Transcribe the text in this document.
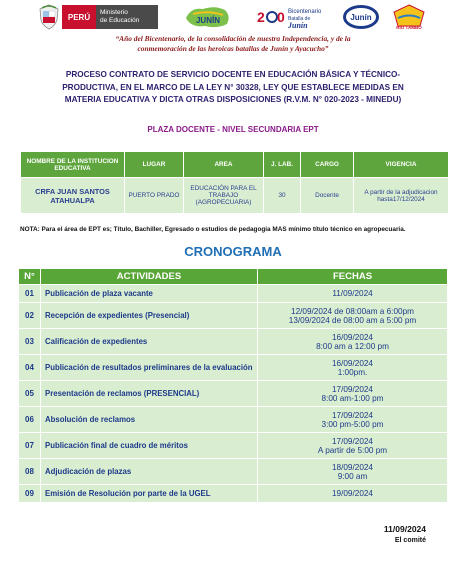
PERÚ	Ministerio
de Educación	JUNÍN	2 0 Bicentenario
Batalla de
Junín
Junín
RIO TAMBO
“Año del Bicentenario, de la consolidación de nuestra Independencia, y de la
conmemoración de las heroicas batallas de Junín y Ayacucho”
PROCESO CONTRATO DE SERVICIO DOCENTE EN EDUCACIÓN BÁSICA Y TÉCNICO-
PRODUCTIVA, EN EL MARCO DE LA LEY N° 30328, LEY QUE ESTABLECE MEDIDAS EN
MATERIA EDUCATIVA Y DICTA OTRAS DISPOSICIONES (R.V.M. N° 020-2023 - MINEDU)
PLAZA DOCENTE - NIVEL SECUNDARIA EPT
NOMBRE DE LA INSTITUCION EDUCATIVA	LUGAR	AREA	J. LAB.	CARGO	VIGENCIA
CRFA JUAN SANTOS ATAHUALPA	PUERTO PRADO	EDUCACIÓN PARA EL TRABAJO (AGROPECUARIA)	30	Docente	A partir de la adjudicacion hasta17/12/2024
NOTA: Para el área de EPT es; Título, Bachiller, Egresado o estudios de pedagogia MAS mínimo título técnico en agropecuaria.
CRONOGRAMA
N°	ACTIVIDADES	FECHAS
01	Publicación de plaza vacante	11/09/2024

02	Recepción de expedientes (Presencial)	12/09/2024 de 08:00am a 6:00pm
13/09/2024 de 08:00 am a 5:00 pm

03	Calificación de expedientes	16/09/2024
8:00 am a 12:00 pm

04	Publicación de resultados preliminares de la evaluación	16/09/2024
1:00pm.

05	Presentación de reclamos (PRESENCIAL)	17/09/2024
8:00 am-1:00 pm

06	Absolución de reclamos	17/09/2024
3:00 pm-5:00 pm

07	Publicación final de cuadro de méritos	17/09/2024
A partir de 5:00 pm

08	Adjudicación de plazas	18/09/2024
9:00 am

09	Emisión de Resolución por parte de la UGEL	19/09/2024
11/09/2024
El comité
